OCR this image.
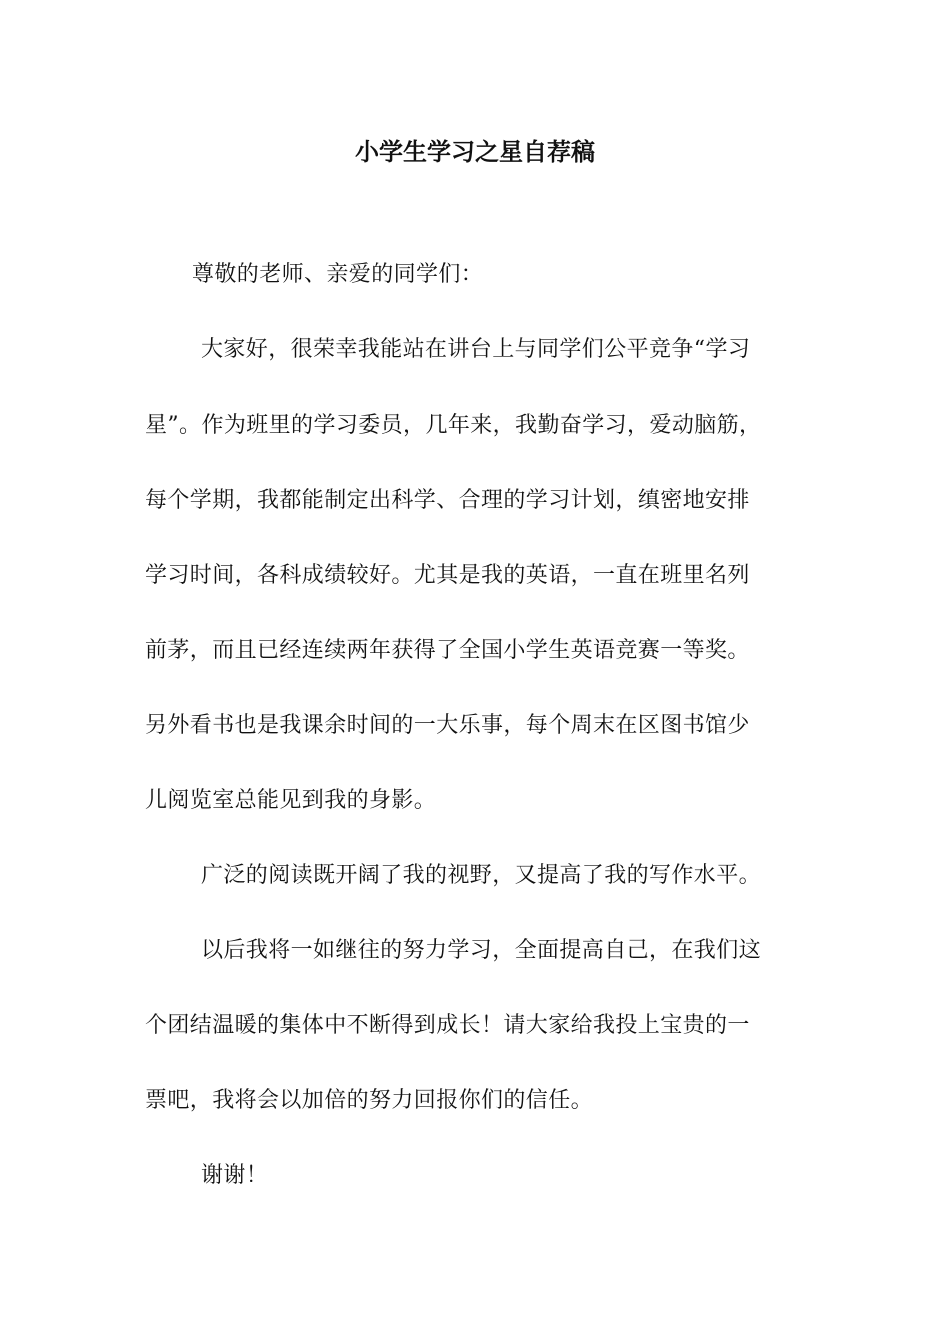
小学生学习之星自荐稿
尊敬的老师、亲爱的同学们：
大家好，很荣幸我能站在讲台上与同学们公平竞争“学习
星”。作为班里的学习委员，几年来，我勤奋学习，爱动脑筋，
每个学期，我都能制定出科学、合理的学习计划，缜密地安排
学习时间，各科成绩较好。尤其是我的英语，一直在班里名列
前茅，而且已经连续两年获得了全国小学生英语竞赛一等奖。
另外看书也是我课余时间的一大乐事，每个周末在区图书馆少
儿阅览室总能见到我的身影。
广泛的阅读既开阔了我的视野，又提高了我的写作水平。
以后我将一如继往的努力学习，全面提高自己，在我们这
个团结温暖的集体中不断得到成长！请大家给我投上宝贵的一
票吧，我将会以加倍的努力回报你们的信任。
谢谢！
